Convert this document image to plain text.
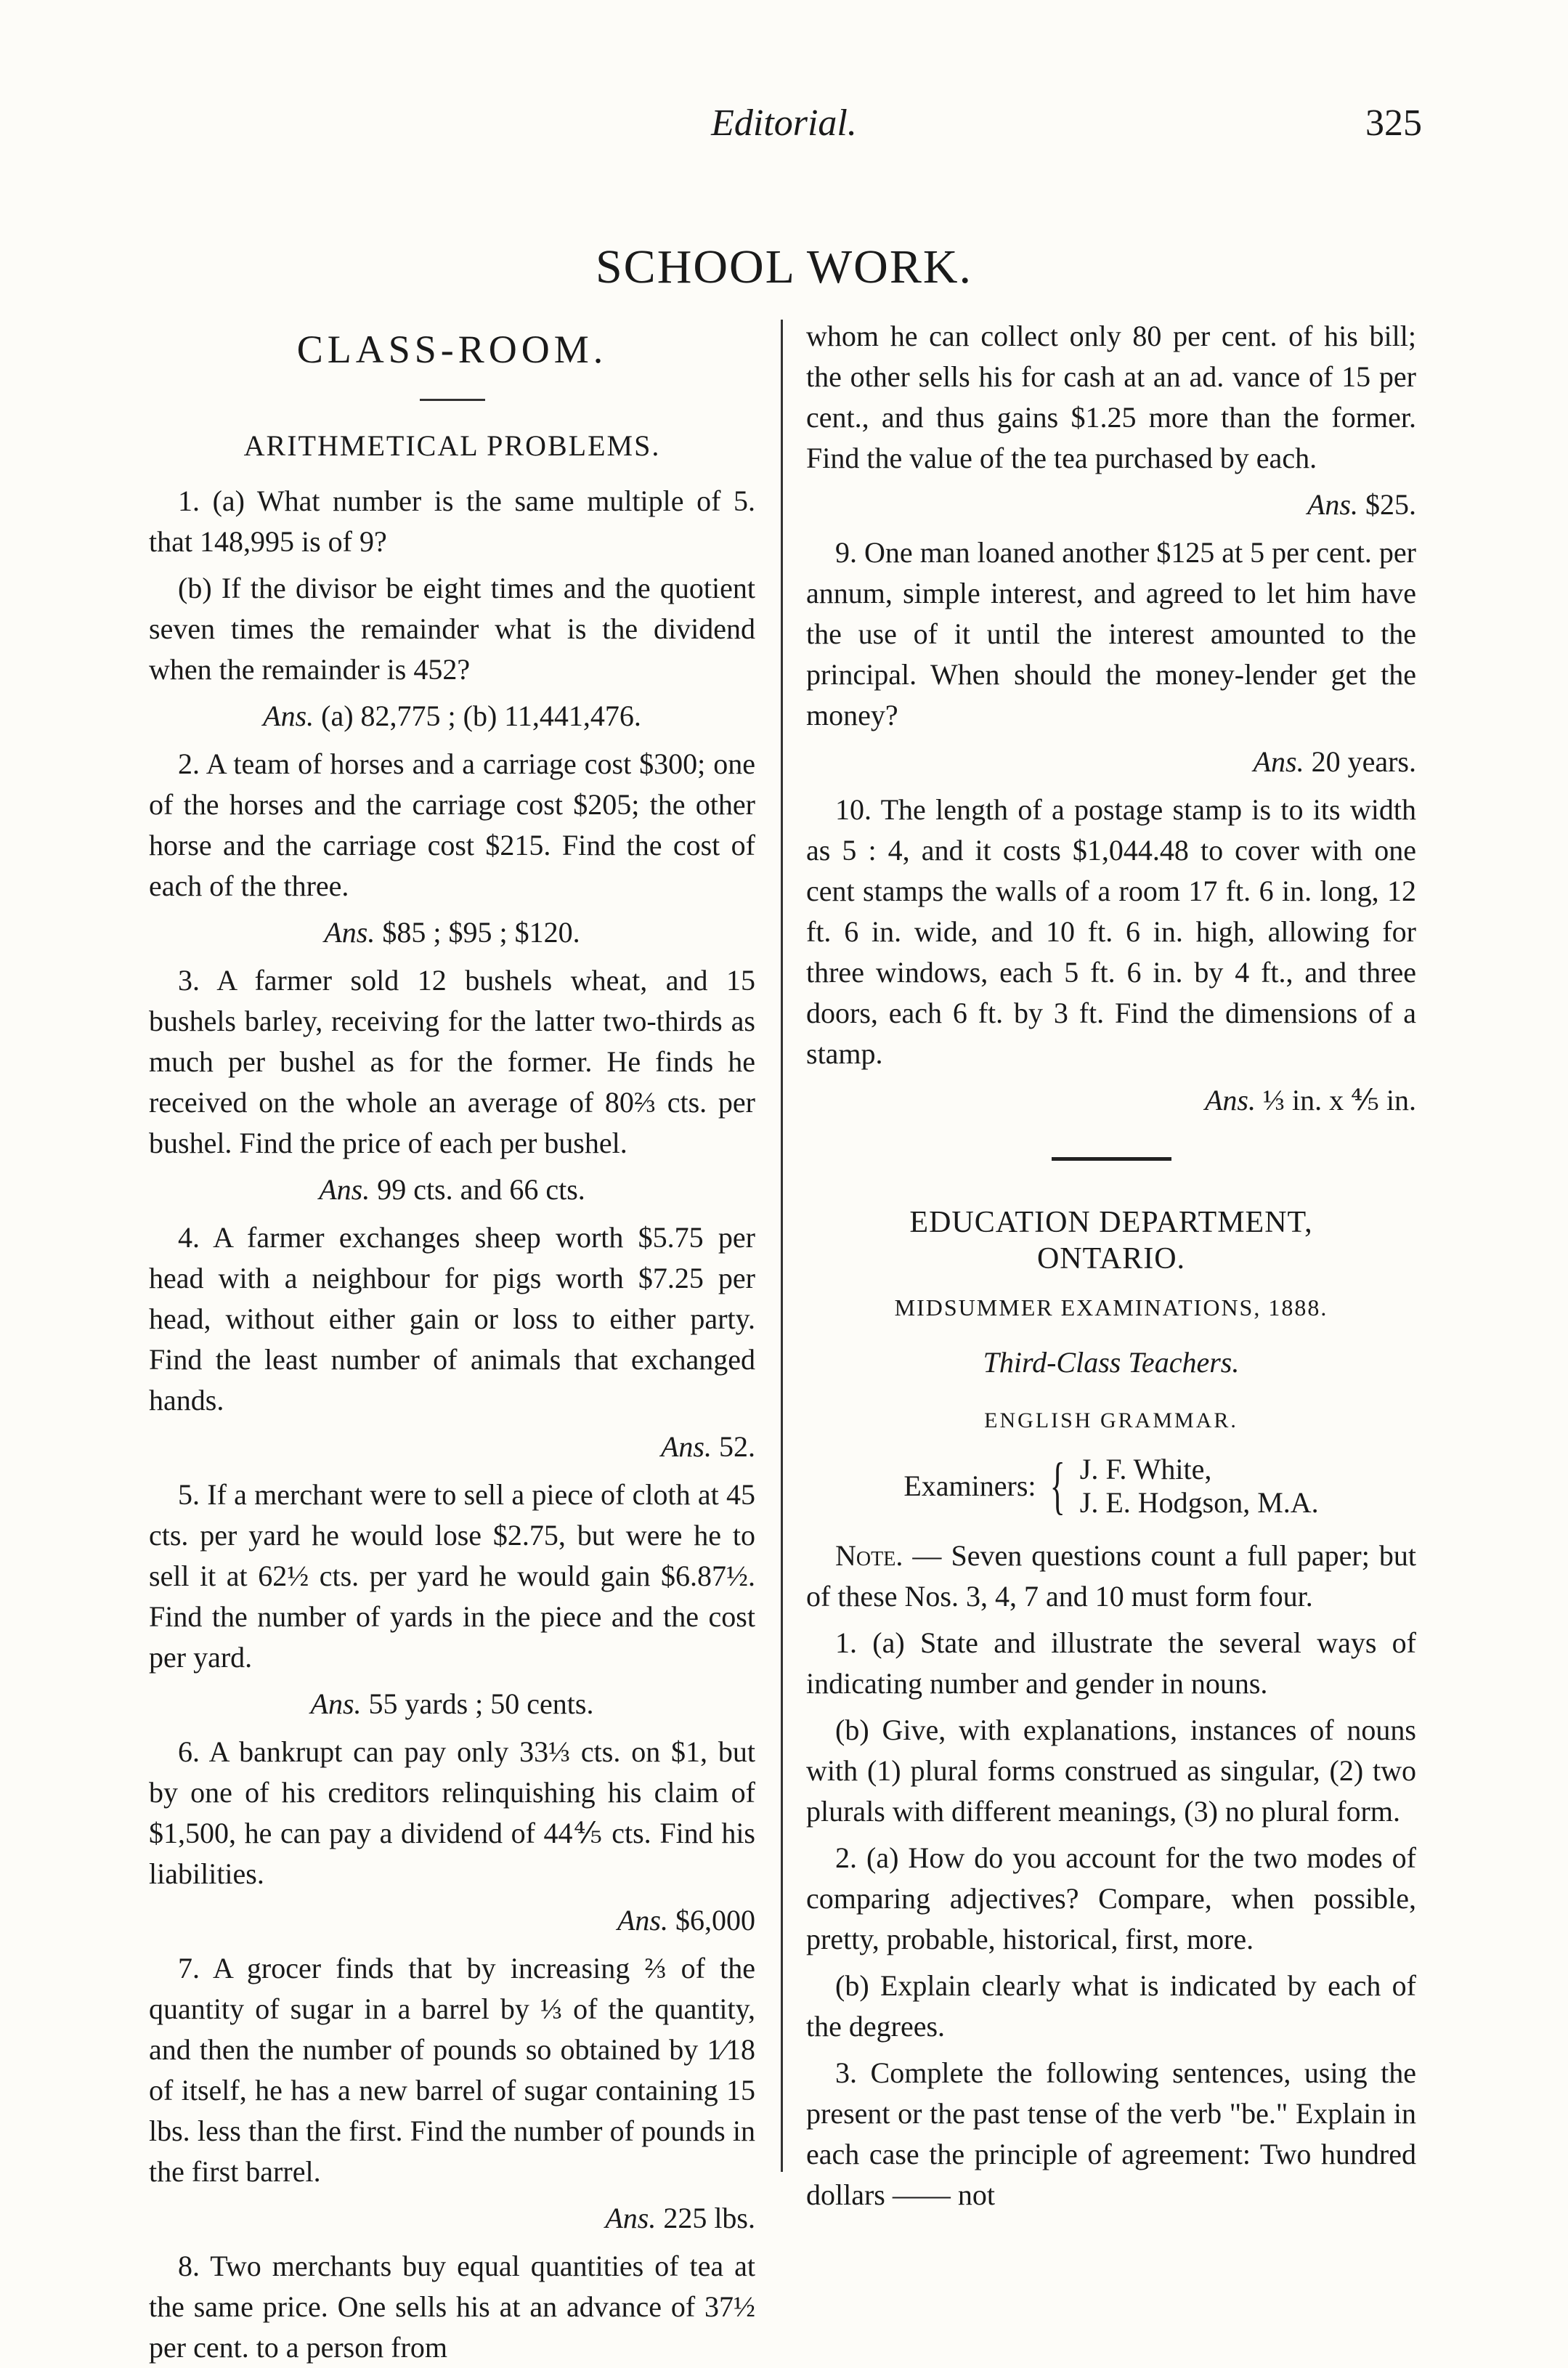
Editorial.	325
SCHOOL WORK.
CLASS-ROOM.
ARITHMETICAL PROBLEMS.

1. (a) What number is the same multiple of 5. that 148,995 is of 9?

(b) If the divisor be eight times and the quotient seven times the remainder what is the dividend when the remainder is 452?

Ans. (a) 82,775 ; (b) 11,441,476.

2. A team of horses and a carriage cost $300; one of the horses and the carriage cost $205; the other horse and the carriage cost $215. Find the cost of each of the three.

Ans. $85 ; $95 ; $120.

3. A farmer sold 12 bushels wheat, and 15 bushels barley, receiving for the latter two-thirds as much per bushel as for the former. He finds he received on the whole an average of 80⅔ cts. per bushel. Find the price of each per bushel.

Ans. 99 cts. and 66 cts.

4. A farmer exchanges sheep worth $5.75 per head with a neighbour for pigs worth $7.25 per head, without either gain or loss to either party. Find the least number of animals that exchanged hands.

Ans. 52.

5. If a merchant were to sell a piece of cloth at 45 cts. per yard he would lose $2.75, but were he to sell it at 62½ cts. per yard he would gain $6.87½. Find the number of yards in the piece and the cost per yard.

Ans. 55 yards ; 50 cents.

6. A bankrupt can pay only 33⅓ cts. on $1, but by one of his creditors relinquishing his claim of $1,500, he can pay a dividend of 44⅘ cts. Find his liabilities.

Ans. $6,000

7. A grocer finds that by increasing ⅔ of the quantity of sugar in a barrel by ⅓ of the quantity, and then the number of pounds so obtained by 1⁄18 of itself, he has a new barrel of sugar containing 15 lbs. less than the first. Find the number of pounds in the first barrel.

Ans. 225 lbs.

8. Two merchants buy equal quantities of tea at the same price. One sells his at an advance of 37½ per cent. to a person from

whom he can collect only 80 per cent. of his bill; the other sells his for cash at an ad. vance of 15 per cent., and thus gains $1.25 more than the former. Find the value of the tea purchased by each.

Ans. $25.

9. One man loaned another $125 at 5 per cent. per annum, simple interest, and agreed to let him have the use of it until the interest amounted to the principal. When should the money-lender get the money?

Ans. 20 years.

10. The length of a postage stamp is to its width as 5 : 4, and it costs $1,044.48 to cover with one cent stamps the walls of a room 17 ft. 6 in. long, 12 ft. 6 in. wide, and 10 ft. 6 in. high, allowing for three windows, each 5 ft. 6 in. by 4 ft., and three doors, each 6 ft. by 3 ft. Find the dimensions of a stamp.

Ans. ⅓ in. x ⅘ in.

EDUCATION DEPARTMENT,
ONTARIO.
MIDSUMMER EXAMINATIONS, 1888.
Third-Class Teachers.
ENGLISH GRAMMAR.
Examiners: { J. F. White,
J. E. Hodgson, M.A.

Note. — Seven questions count a full paper; but of these Nos. 3, 4, 7 and 10 must form four.

1. (a) State and illustrate the several ways of indicating number and gender in nouns.

(b) Give, with explanations, instances of nouns with (1) plural forms construed as singular, (2) two plurals with different meanings, (3) no plural form.

2. (a) How do you account for the two modes of comparing adjectives? Compare, when possible, pretty, probable, historical, first, more.

(b) Explain clearly what is indicated by each of the degrees.

3. Complete the following sentences, using the present or the past tense of the verb "be." Explain in each case the principle of agreement: Two hundred dollars —— not
